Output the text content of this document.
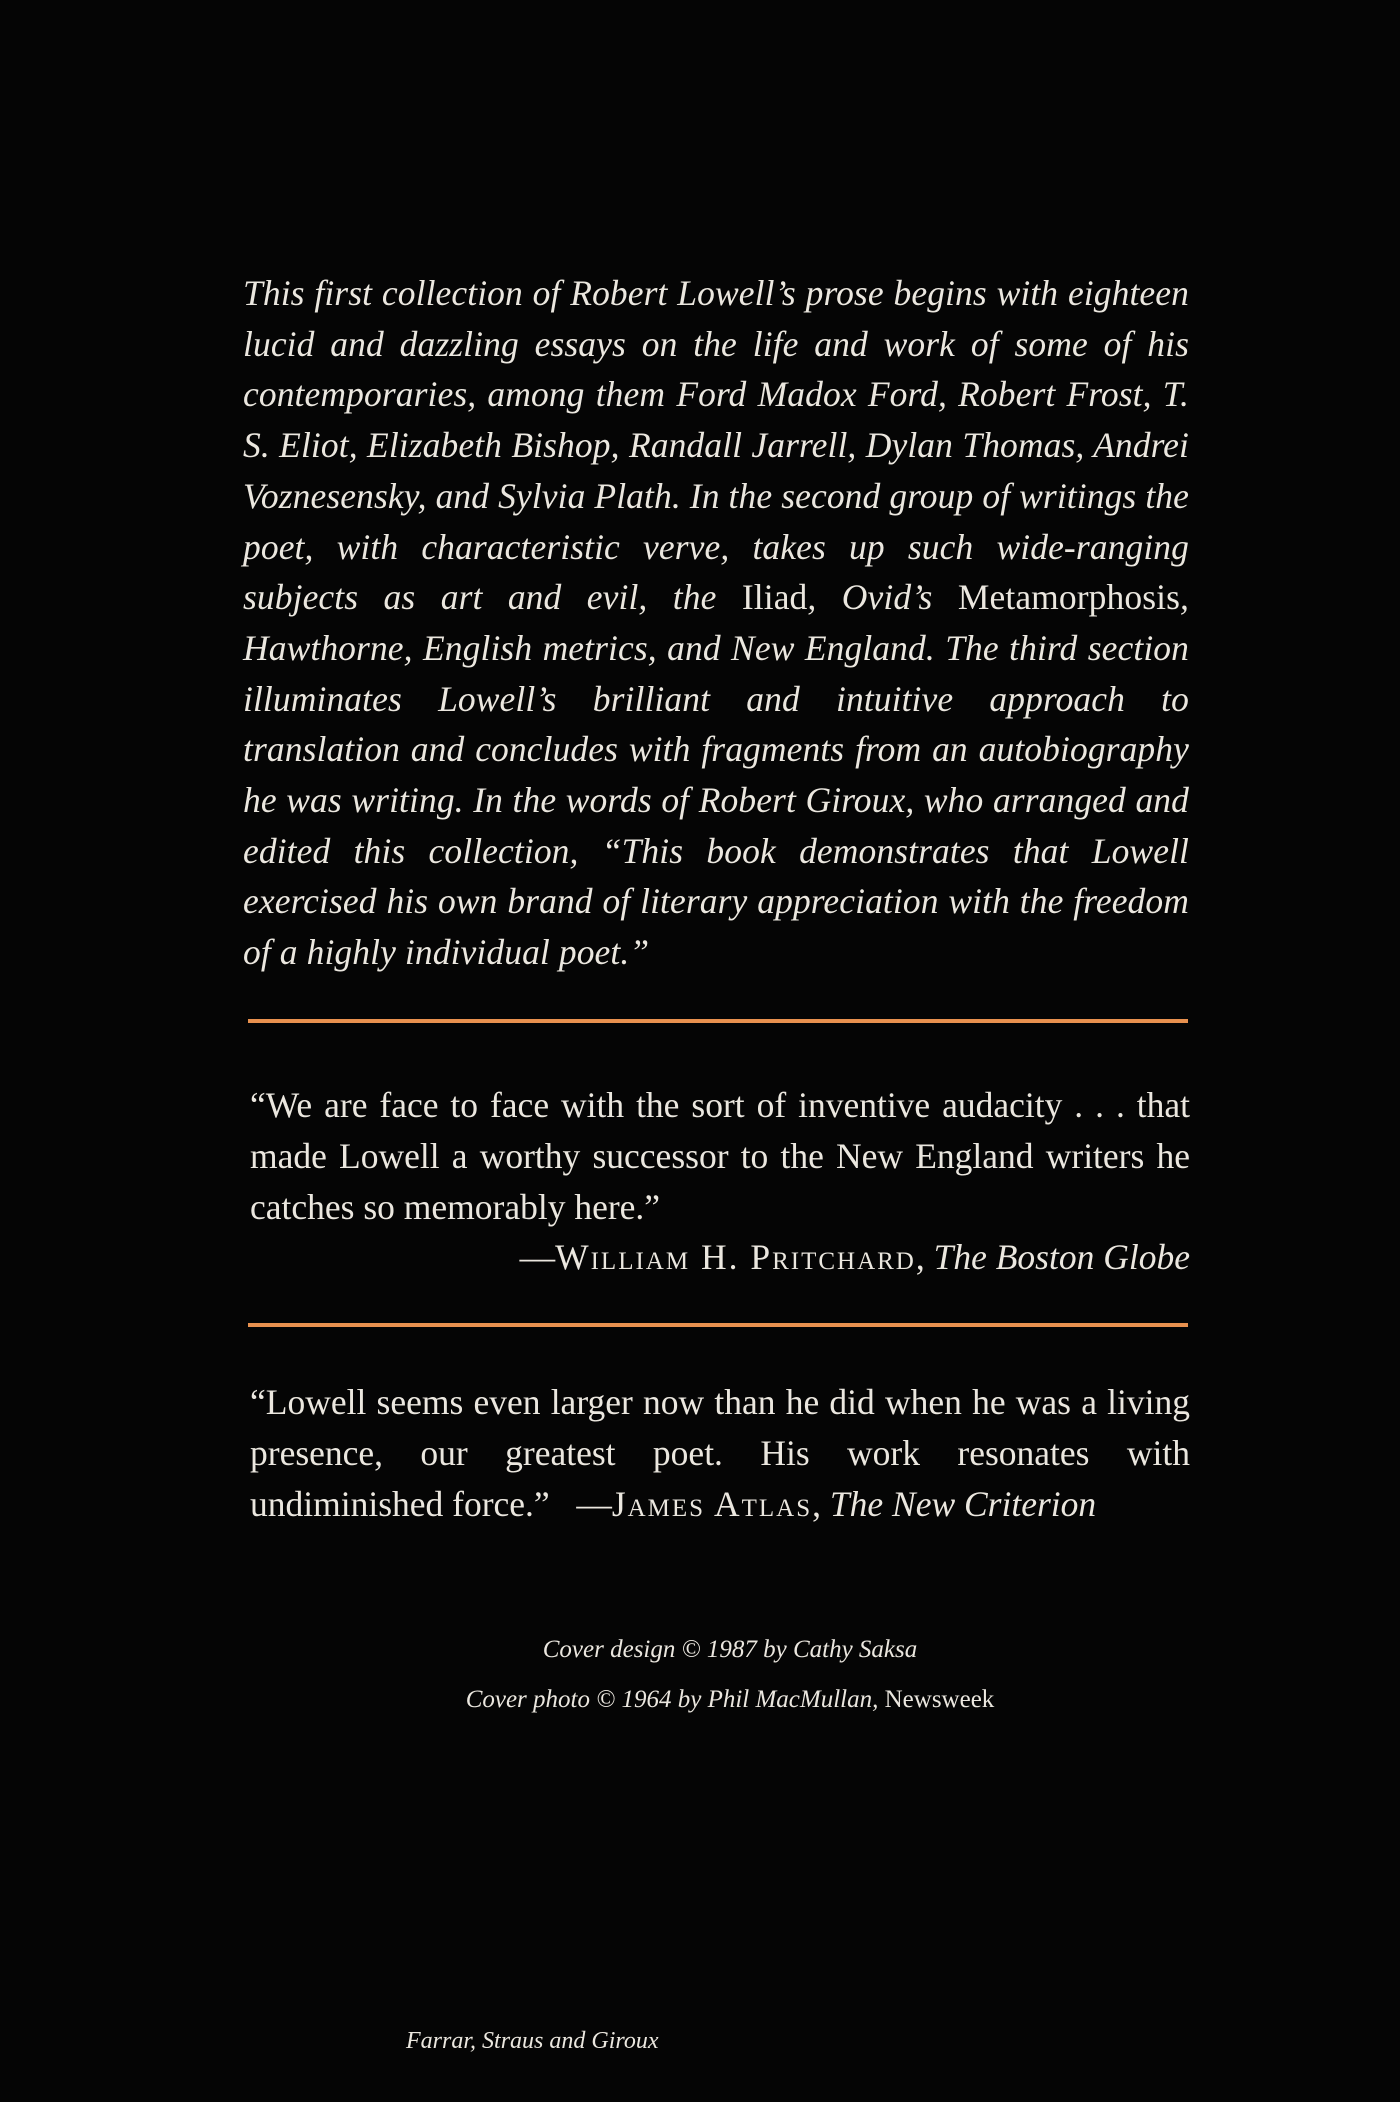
This first collection of Robert Lowell’s prose begins with eighteen lucid and dazzling essays on the life and work of some of his contemporaries, among them Ford Madox Ford, Robert Frost, T. S. Eliot, Elizabeth Bishop, Randall Jarrell, Dylan Thomas, Andrei Voznesensky, and Sylvia Plath. In the second group of writings the poet, with characteristic verve, takes up such wide-ranging subjects as art and evil, the Iliad, Ovid’s Metamorphosis, Hawthorne, English metrics, and New England. The third section illuminates Lowell’s brilliant and intuitive approach to translation and concludes with fragments from an autobiography he was writing. In the words of Robert Giroux, who arranged and edited this collection, “This book demonstrates that Lowell exercised his own brand of literary appreciation with the freedom of a highly individual poet.”

“We are face to face with the sort of inventive audacity . . . that made Lowell a worthy successor to the New England writers he catches so memorably here.”

—William H. Pritchard, The Boston Globe

“Lowell seems even larger now than he did when he was a living presence, our greatest poet. His work resonates with undiminished force.” —James Atlas, The New Criterion

Cover design © 1987 by Cathy Saksa
Cover photo © 1964 by Phil MacMullan, Newsweek
Farrar, Straus and Giroux
